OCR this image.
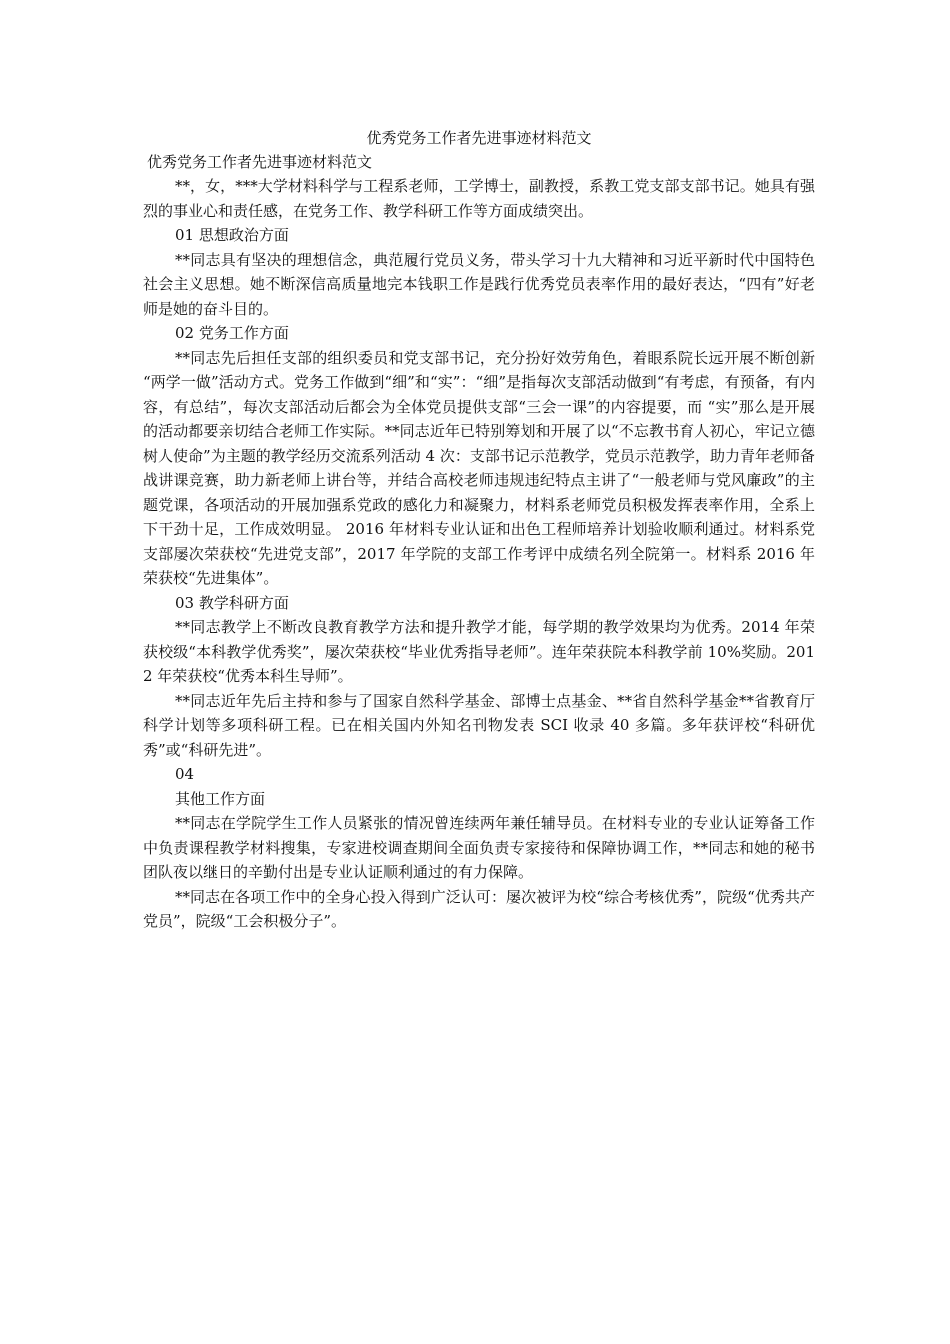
优秀党务工作者先进事迹材料范文

优秀党务工作者先进事迹材料范文

**，女，***大学材料科学与工程系老师，工学博士，副教授，系教工党支部支部书记。她具有强烈的事业心和责任感，在党务工作、教学科研工作等方面成绩突出。

01 思想政治方面

**同志具有坚决的理想信念，典范履行党员义务，带头学习十九大精神和习近平新时代中国特色社会主义思想。她不断深信高质量地完本钱职工作是践行优秀党员表率作用的最好表达，“四有”好老师是她的奋斗目的。

02 党务工作方面

**同志先后担任支部的组织委员和党支部书记，充分扮好效劳角色，着眼系院长远开展不断创新 “两学一做”活动方式。党务工作做到“细”和“实”：“细”是指每次支部活动做到“有考虑，有预备，有内容，有总结”，每次支部活动后都会为全体党员提供支部“三会一课”的内容提要，而 “实”那么是开展的活动都要亲切结合老师工作实际。**同志近年已特别筹划和开展了以“不忘教书育人初心，牢记立德树人使命”为主题的教学经历交流系列活动 4 次：支部书记示范教学，党员示范教学，助力青年老师备战讲课竞赛，助力新老师上讲台等，并结合高校老师违规违纪特点主讲了“一般老师与党风廉政”的主题党课，各项活动的开展加强系党政的感化力和凝聚力，材料系老师党员积极发挥表率作用，全系上下干劲十足，工作成效明显。 2016 年材料专业认证和出色工程师培养计划验收顺利通过。材料系党支部屡次荣获校“先进党支部”，2017 年学院的支部工作考评中成绩名列全院第一。材料系 2016 年荣获校“先进集体”。

03 教学科研方面

**同志教学上不断改良教育教学方法和提升教学才能，每学期的教学效果均为优秀。2014 年荣获校级“本科教学优秀奖”，屡次荣获校“毕业优秀指导老师”。连年荣获院本科教学前 10%奖励。2012 年荣获校“优秀本科生导师”。

**同志近年先后主持和参与了国家自然科学基金、部博士点基金、**省自然科学基金**省教育厅科学计划等多项科研工程。已在相关国内外知名刊物发表 SCI 收录 40 多篇。多年获评校“科研优秀”或“科研先进”。

04

其他工作方面

**同志在学院学生工作人员紧张的情况曾连续两年兼任辅导员。在材料专业的专业认证筹备工作中负责课程教学材料搜集，专家进校调查期间全面负责专家接待和保障协调工作，**同志和她的秘书团队夜以继日的辛勤付出是专业认证顺利通过的有力保障。

**同志在各项工作中的全身心投入得到广泛认可：屡次被评为校“综合考核优秀”，院级“优秀共产党员”，院级“工会积极分子”。
